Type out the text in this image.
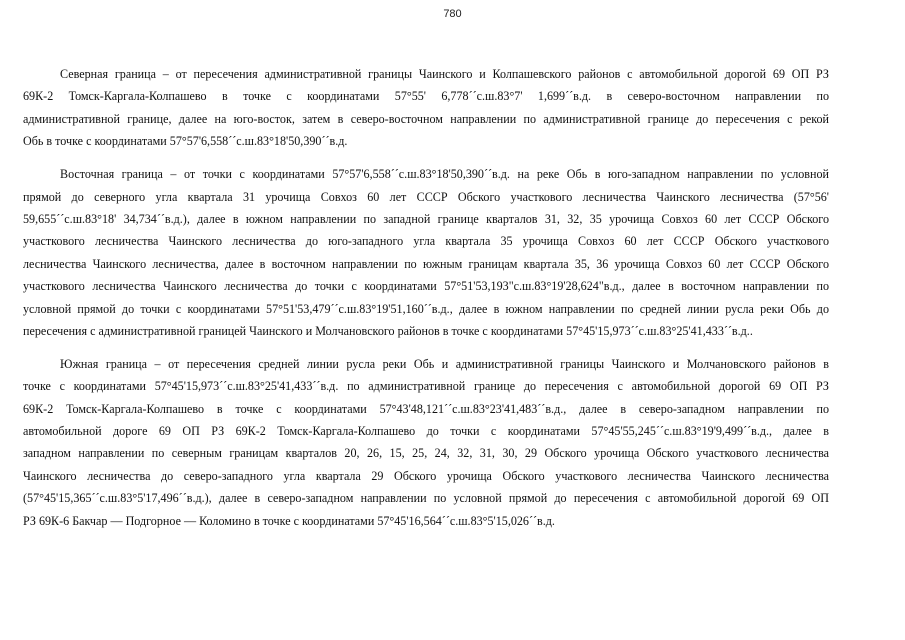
780
Северная граница – от пересечения административной границы Чаинского и Колпашевского районов с автомобильной дорогой 69 ОП РЗ
69К-2 Томск-Каргала-Колпашево в точке с координатами 57°55' 6,778´´с.ш.83°7' 1,699´´в.д. в северо-восточном направлении по
административной границе, далее на юго-восток, затем в северо-восточном направлении по административной границе до пересечения с рекой
Обь в точке с координатами 57°57'6,558´´с.ш.83°18'50,390´´в.д.
Восточная граница – от точки с координатами 57°57'6,558´´с.ш.83°18'50,390´´в.д. на реке Обь в юго-западном направлении по условной
прямой до северного угла квартала 31 урочища Совхоз 60 лет СССР Обского участкового лесничества Чаинского лесничества (57°56'
59,655´´с.ш.83°18' 34,734´´в.д.), далее в южном направлении по западной границе кварталов 31, 32, 35 урочища Совхоз 60 лет СССР Обского
участкового лесничества Чаинского лесничества до юго-западного угла квартала 35 урочища Совхоз 60 лет СССР Обского участкового
лесничества Чаинского лесничества, далее в восточном направлении по южным границам квартала 35, 36 урочища Совхоз 60 лет СССР Обского
участкового лесничества Чаинского лесничества до точки с координатами 57°51'53,193"с.ш.83°19'28,624"в.д., далее в восточном направлении по
условной прямой до точки с координатами 57°51'53,479´´с.ш.83°19'51,160´´в.д., далее в южном направлении по средней линии русла реки Обь до
пересечения с административной границей Чаинского и Молчановского районов в точке с координатами 57°45'15,973´´с.ш.83°25'41,433´´в.д..
Южная граница – от пересечения средней линии русла реки Обь и административной границы Чаинского и Молчановского районов в
точке с координатами 57°45'15,973´´с.ш.83°25'41,433´´в.д. по административной границе до пересечения с автомобильной дорогой 69 ОП РЗ
69К-2 Томск-Каргала-Колпашево в точке с координатами 57°43'48,121´´с.ш.83°23'41,483´´в.д., далее в северо-западном направлении по
автомобильной дороге 69 ОП РЗ 69К-2 Томск-Каргала-Колпашево до точки с координатами 57°45'55,245´´с.ш.83°19'9,499´´в.д., далее в
западном направлении по северным границам кварталов 20, 26, 15, 25, 24, 32, 31, 30, 29 Обского урочища Обского участкового лесничества
Чаинского лесничества до северо-западного угла квартала 29 Обского урочища Обского участкового лесничества Чаинского лесничества
(57°45'15,365´´с.ш.83°5'17,496´´в.д.), далее в северо-западном направлении по условной прямой до пересечения с автомобильной дорогой 69 ОП
РЗ 69К-6 Бакчар — Подгорное — Коломино в точке с координатами 57°45'16,564´´с.ш.83°5'15,026´´в.д.
